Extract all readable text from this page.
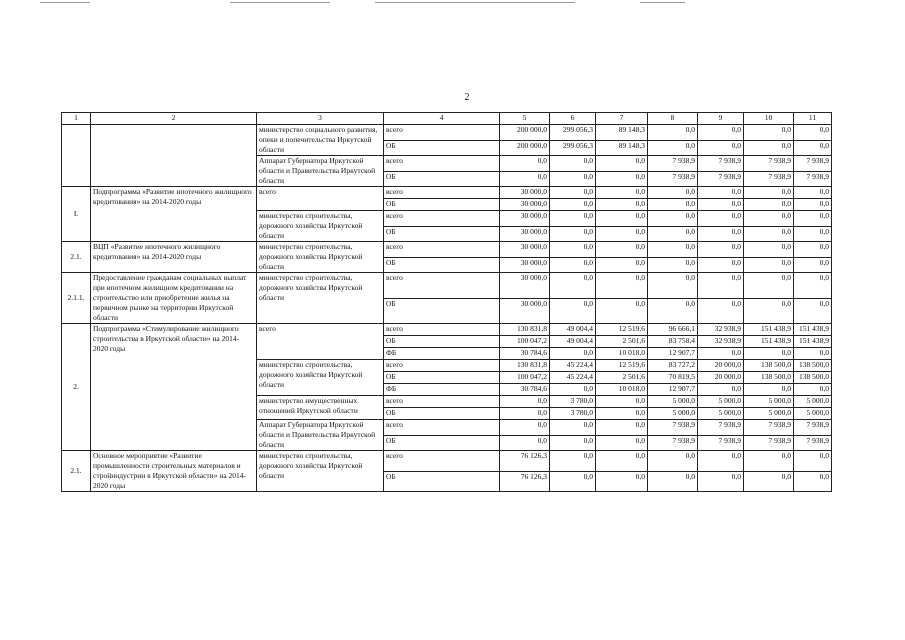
2
1	2	3	4	5	6	7	8	9	10	11
		министерство социального развития, опеки и попечительства Иркутской области	всего	200 000,0	299 056,3	89 148,3	0,0	0,0	0,0	0,0
			ОБ	200 000,0	299 056,3	89 148,3	0,0	0,0	0,0	0,0
		Аппарат Губернатора Иркутской области и Правительства Иркутской области	всего	0,0	0,0	0,0	7 938,9	7 938,9	7 938,9	7 938,9
			ОБ	0,0	0,0	0,0	7 938,9	7 938,9	7 938,9	7 938,9
I.	Подпрограмма «Развитие ипотечного жилищного кредитования» на 2014-2020 годы	всего	всего	30 000,0	0,0	0,0	0,0	0,0	0,0	0,0
			ОБ	30 000,0	0,0	0,0	0,0	0,0	0,0	0,0
		министерство строительства, дорожного хозяйства Иркутской области	всего	30 000,0	0,0	0,0	0,0	0,0	0,0	0,0
			ОБ	30 000,0	0,0	0,0	0,0	0,0	0,0	0,0
2.1.	ВЦП «Развитие ипотечного жилищного кредитования» на 2014-2020 годы	министерство строительства, дорожного хозяйства Иркутской области	всего	30 000,0	0,0	0,0	0,0	0,0	0,0	0,0
			ОБ	30 000,0	0,0	0,0	0,0	0,0	0,0	0,0
2.1.1.	Предоставление гражданам социальных выплат при ипотечном жилищном кредитовании на строительство или приобретение жилья на первичном рынке на территории Иркутской области	министерство строительства, дорожного хозяйства Иркутской области	всего	30 000,0	0,0	0,0	0,0	0,0	0,0	0,0
			ОБ	30 000,0	0,0	0,0	0,0	0,0	0,0	0,0
2.	Подпрограмма «Стимулирование жилищного строительства в Иркутской области» на 2014-2020 годы	всего	всего	130 831,8	49 004,4	12 519,6	96 666,1	32 938,9	151 438,9	151 438,9
			ОБ	100 047,2	49 004,4	2 501,6	83 758,4	32 938,9	151 438,9	151 438,9
			ФБ	30 784,6	0,0	10 018,0	12 907,7	0,0	0,0	0,0
		министерство строительства, дорожного хозяйства Иркутской области	всего	130 831,8	45 224,4	12 519,6	83 727,2	20 000,0	138 500,0	138 500,0
			ОБ	100 047,2	45 224,4	2 501,6	70 819,5	20 000,0	138 500,0	138 500,0
			ФБ	30 784,6	0,0	10 018,0	12 907,7	0,0	0,0	0,0
		министерство имущественных отношений Иркутской области	всего	0,0	3 780,0	0,0	5 000,0	5 000,0	5 000,0	5 000,0
			ОБ	0,0	3 780,0	0,0	5 000,0	5 000,0	5 000,0	5 000,0
		Аппарат Губернатора Иркутской области и Правительства Иркутской области	всего	0,0	0,0	0,0	7 938,9	7 938,9	7 938,9	7 938,9
			ОБ	0,0	0,0	0,0	7 938,9	7 938,9	7 938,9	7 938,9
2.1.	Основное мероприятие «Развитие промышленности строительных материалов и стройиндустрии в Иркутской области» на 2014-2020 годы	министерство строительства, дорожного хозяйства Иркутской области	всего	76 126,3	0,0	0,0	0,0	0,0	0,0	0,0
			ОБ	76 126,3	0,0	0,0	0,0	0,0	0,0	0,0
